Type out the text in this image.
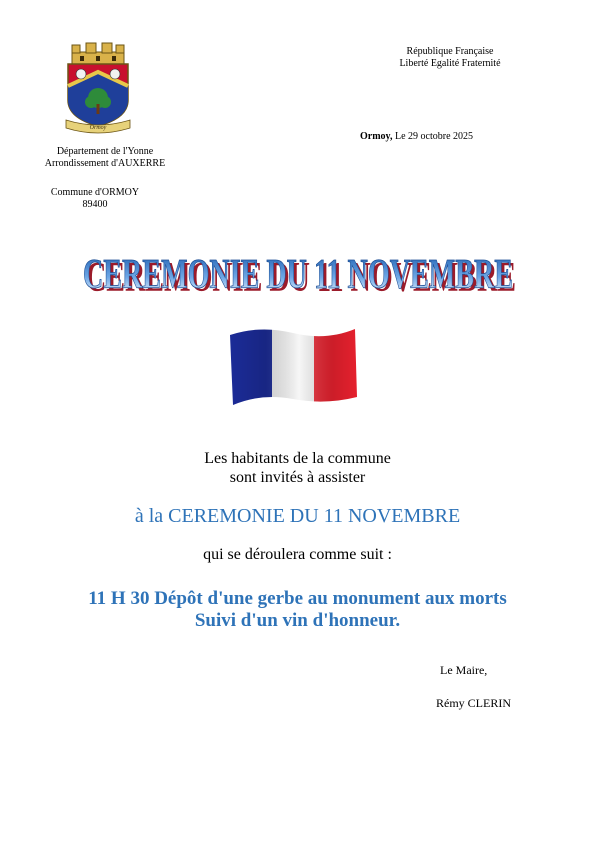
Ormoy
République Française
Liberté Egalité Fraternité
Ormoy, Le 29 octobre 2025
Département de l'Yonne
Arrondissement d'AUXERRE
Commune d'ORMOY
89400
CEREMONIE DU 11 NOVEMBRE
CEREMONIE DU 11 NOVEMBRE
Les habitants de la commune
sont invités à assister
à la CEREMONIE DU 11 NOVEMBRE
qui se déroulera comme suit :
11 H 30 Dépôt d'une gerbe au monument aux morts
Suivi d'un vin d'honneur.
Le Maire,
Rémy CLERIN
